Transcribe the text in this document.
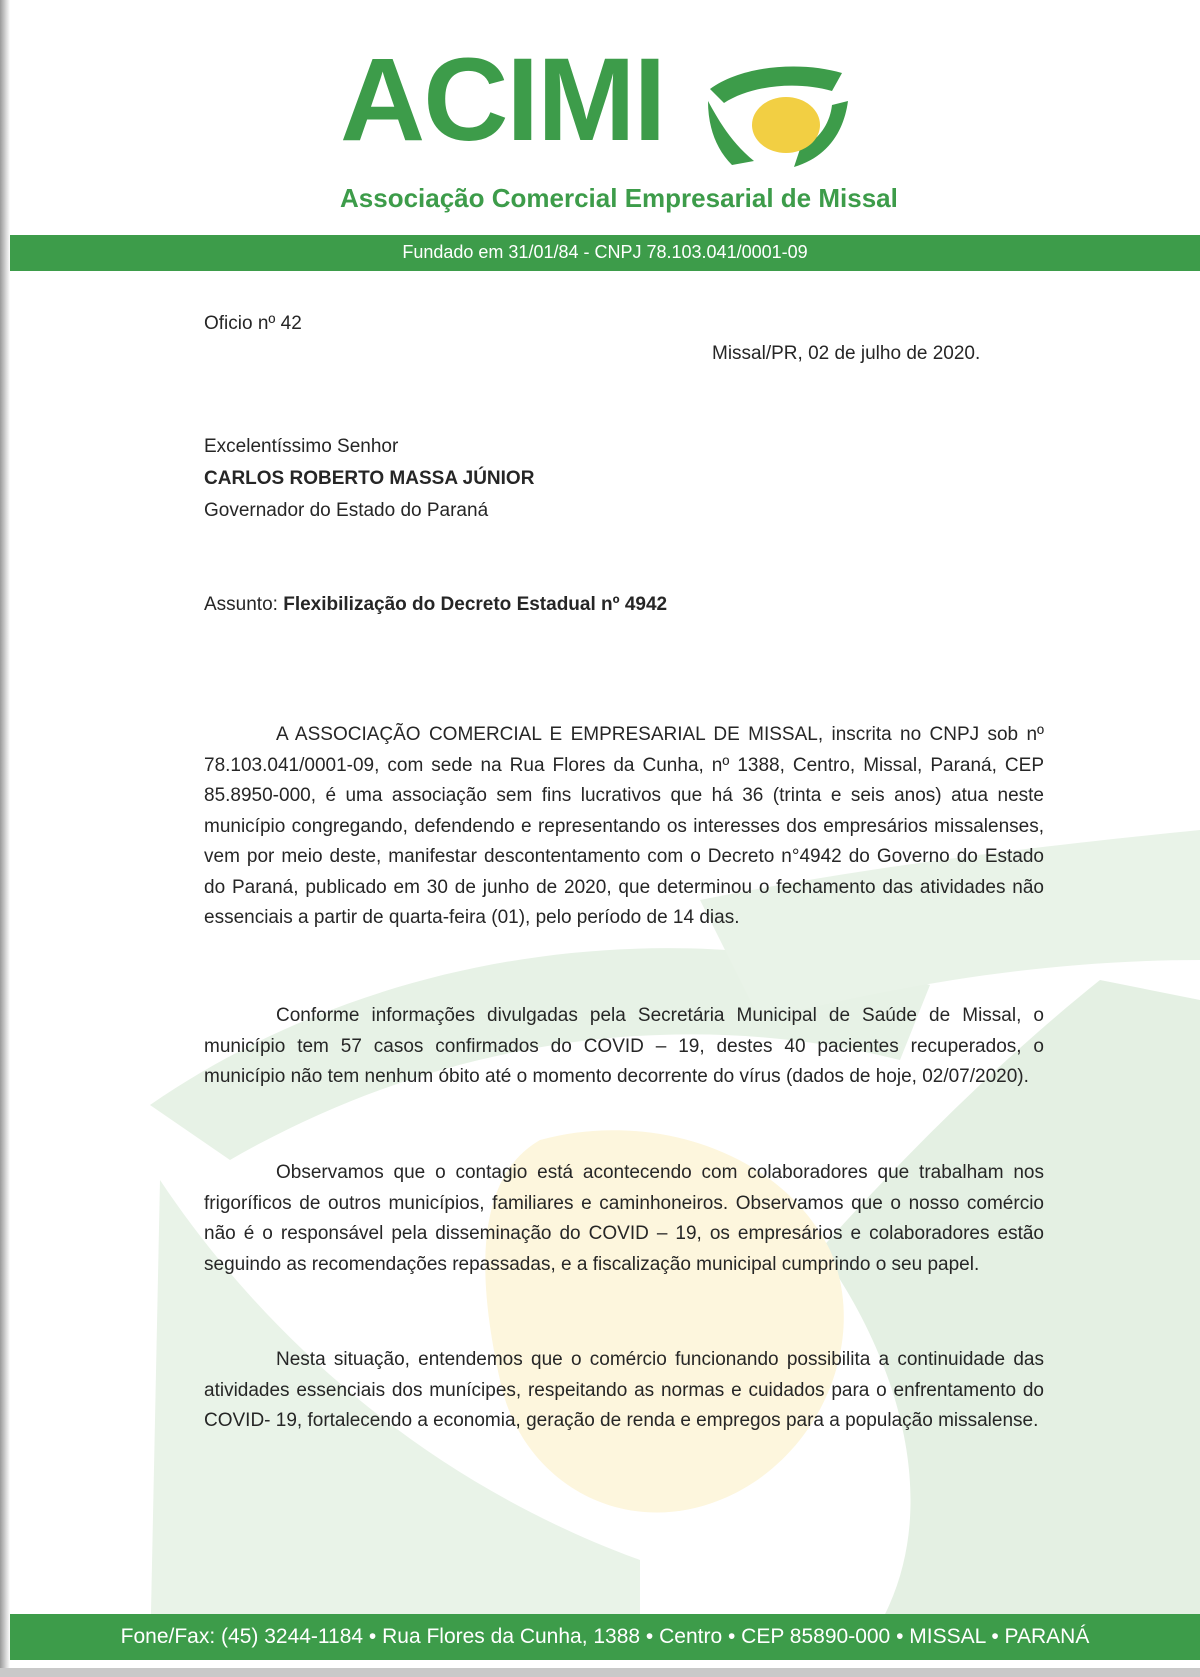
ACIMI
Associação Comercial Empresarial de Missal
Fundado em 31/01/84 - CNPJ 78.103.041/0001-09
Oficio nº 42
Missal/PR, 02 de julho de 2020.
Excelentíssimo Senhor
CARLOS ROBERTO MASSA JÚNIOR
Governador do Estado do Paraná
Assunto: Flexibilização do Decreto Estadual nº 4942

A ASSOCIAÇÃO COMERCIAL E EMPRESARIAL DE MISSAL, inscrita no CNPJ sob nº 78.103.041/0001-09, com sede na Rua Flores da Cunha, nº 1388, Centro, Missal, Paraná, CEP 85.8950-000, é uma associação sem fins lucrativos que há 36 (trinta e seis anos) atua neste município congregando, defendendo e representando os interesses dos empresários missalenses, vem por meio deste, manifestar descontentamento com o Decreto n°4942 do Governo do Estado do Paraná, publicado em 30 de junho de 2020, que determinou o fechamento das atividades não essenciais a partir de quarta-feira (01), pelo período de 14 dias.

Conforme informações divulgadas pela Secretária Municipal de Saúde de Missal, o município tem 57 casos confirmados do COVID – 19, destes 40 pacientes recuperados, o município não tem nenhum óbito até o momento decorrente do vírus (dados de hoje, 02/07/2020).

Observamos que o contagio está acontecendo com colaboradores que trabalham nos frigoríficos de outros municípios, familiares e caminhoneiros. Observamos que o nosso comércio não é o responsável pela disseminação do COVID – 19, os empresários e colaboradores estão seguindo as recomendações repassadas, e a fiscalização municipal cumprindo o seu papel.

Nesta situação, entendemos que o comércio funcionando possibilita a continuidade das atividades essenciais dos munícipes, respeitando as normas e cuidados para o enfrentamento do COVID- 19, fortalecendo a economia, geração de renda e empregos para a população missalense.

Fone/Fax: (45) 3244-1184 • Rua Flores da Cunha, 1388 • Centro • CEP 85890-000 • MISSAL • PARANÁ
